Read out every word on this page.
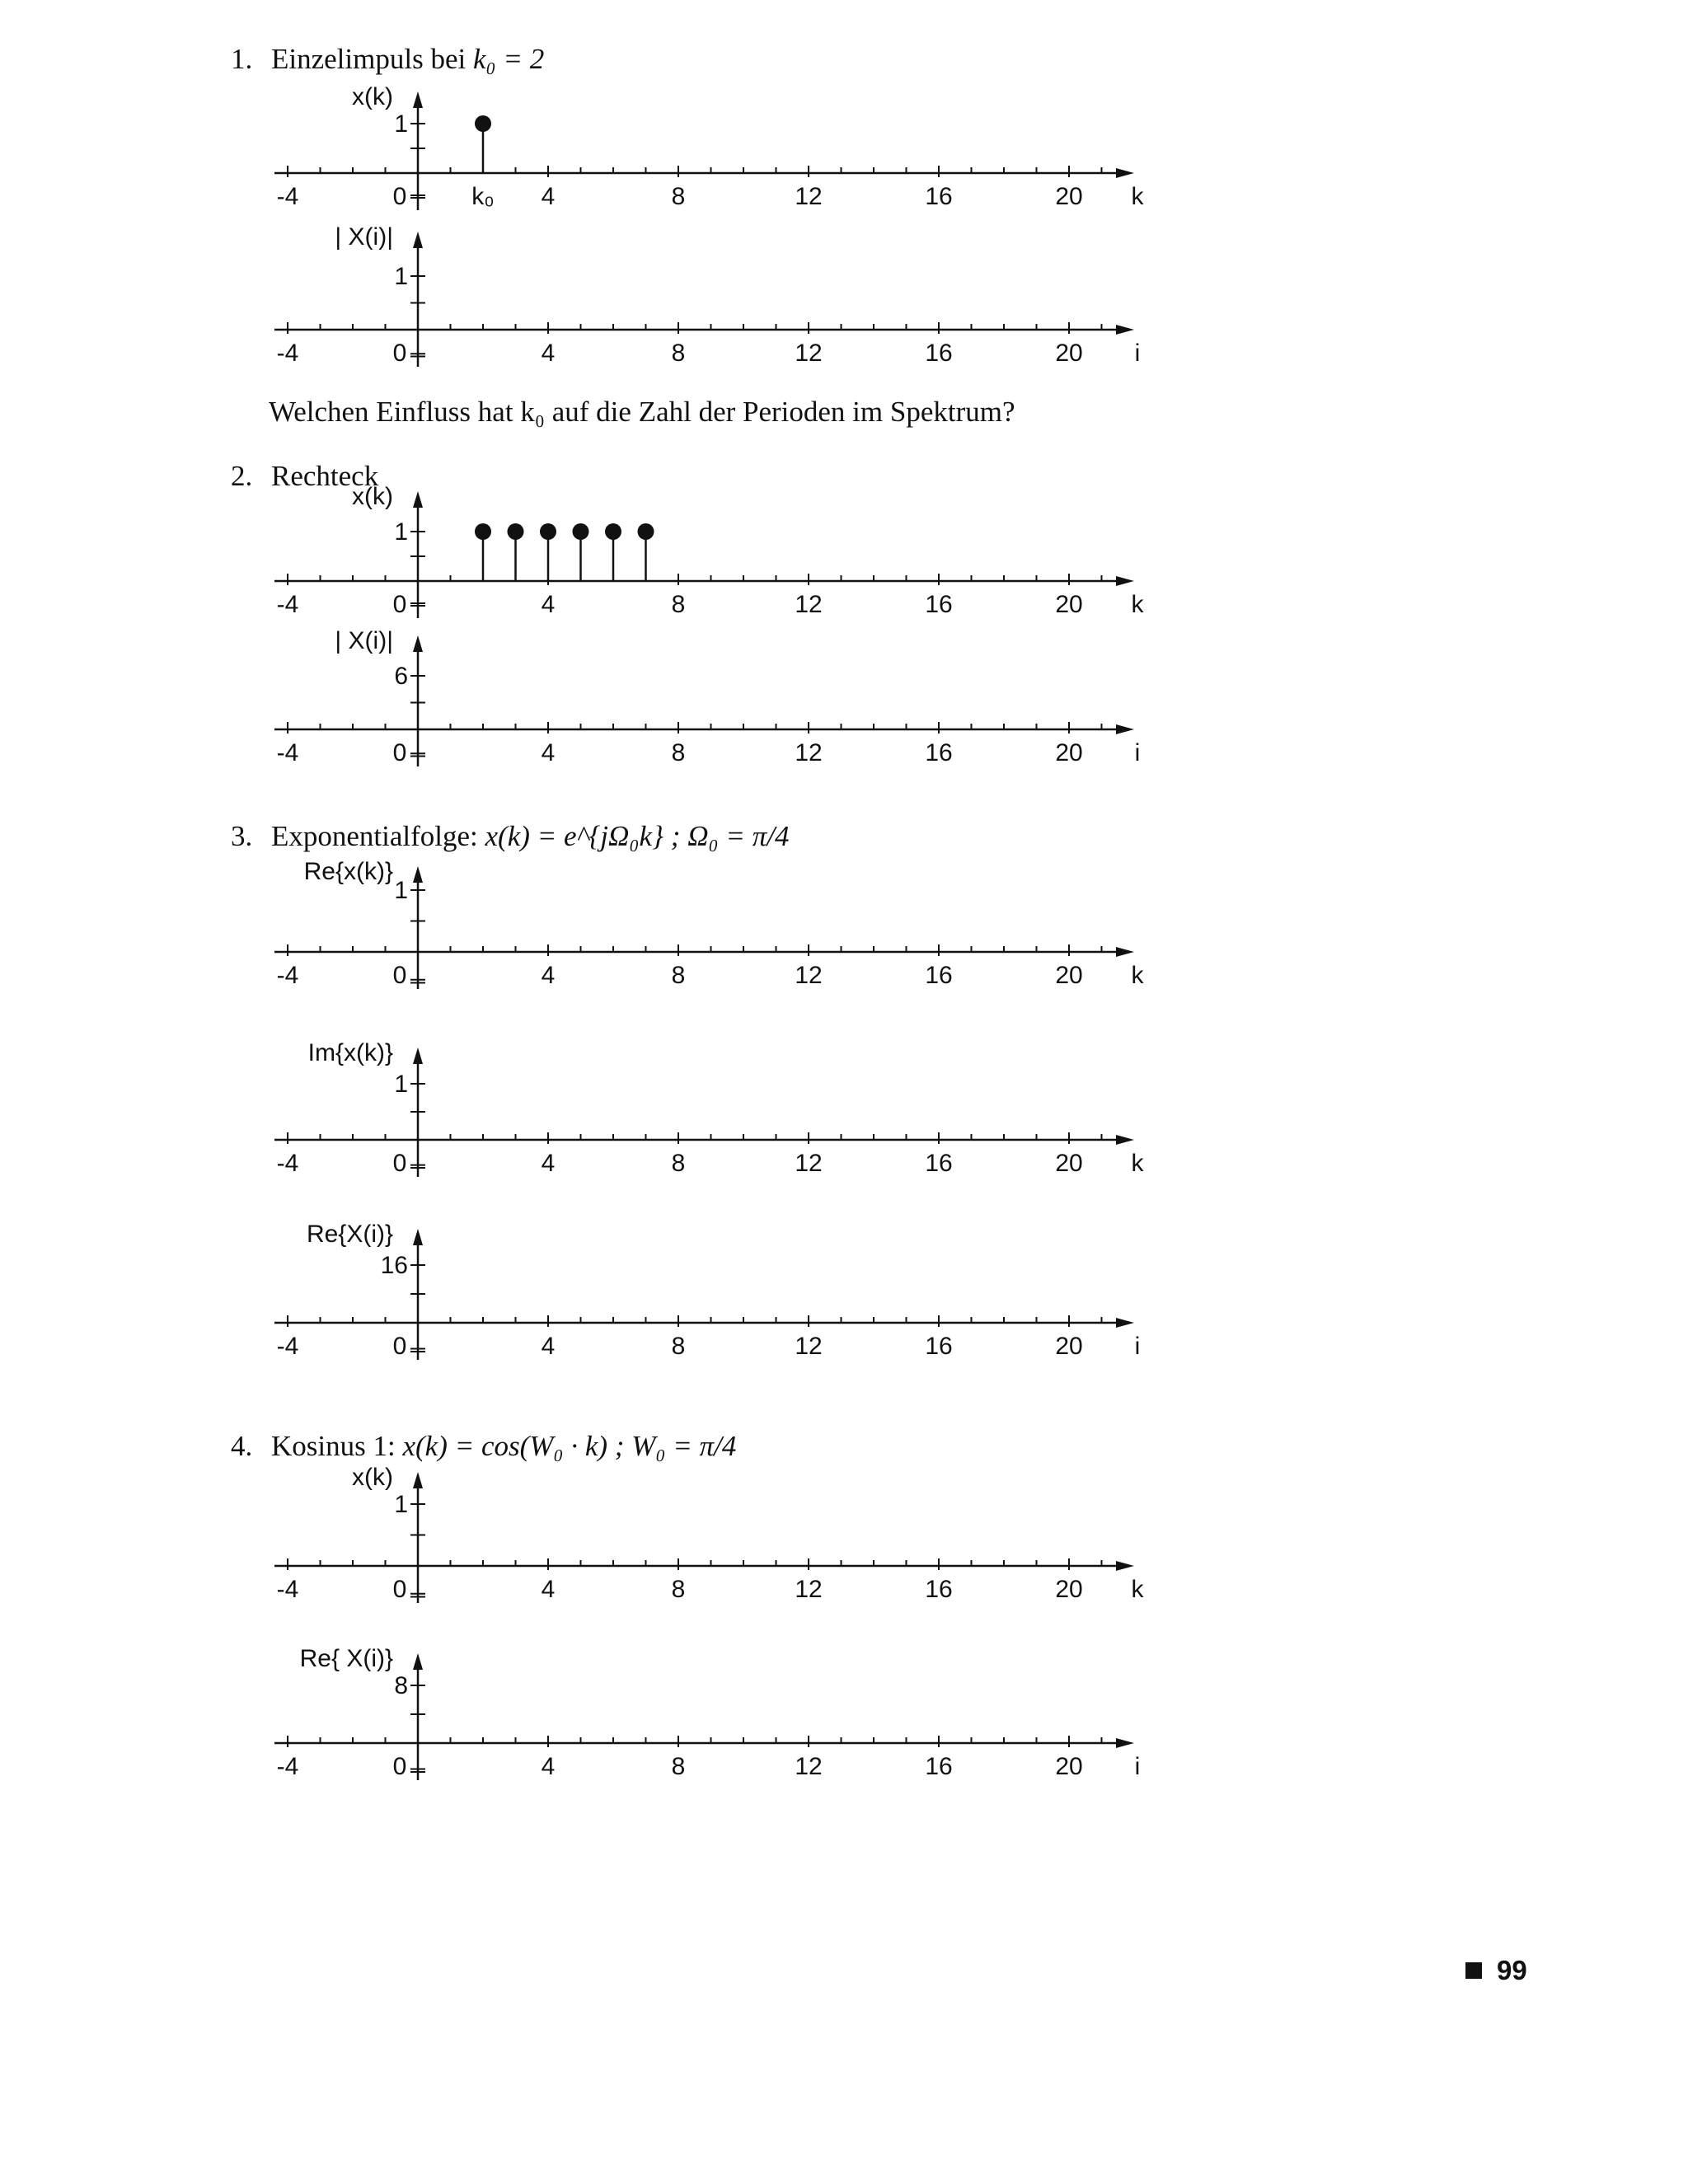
1. Einzelimpuls bei k₀ = 2
-4	4	8	12	16	20 k
0	k₀
1
x(k)
-4	4	8	12	16	20 i
0
1
| X(i)|
Welchen Einfluss hat k₀ auf die Zahl der Perioden im Spektrum?
2. Rechteck
-4	4	8	12	16	20 k
0
1
x(k)
-4	4	8	12	16	20 i
0
6
| X(i)|
3. Exponentialfolge: x(k) = e^{jΩ₀k} ; Ω₀ = π/4
-4	4	8	12	16	20 k
0
1
Re{x(k)}
-4	4	8	12	16	20 k
0
1
Im{x(k)}
-4	4	8	12	16	20 i
0
16
Re{X(i)}
4. Kosinus 1: x(k) = cos(W₀ · k) ; W₀ = π/4
-4	4	8	12	16	20 k
0
1
x(k)
-4	4	8	12	16	20 i
0
8
Re{ X(i)}
99
